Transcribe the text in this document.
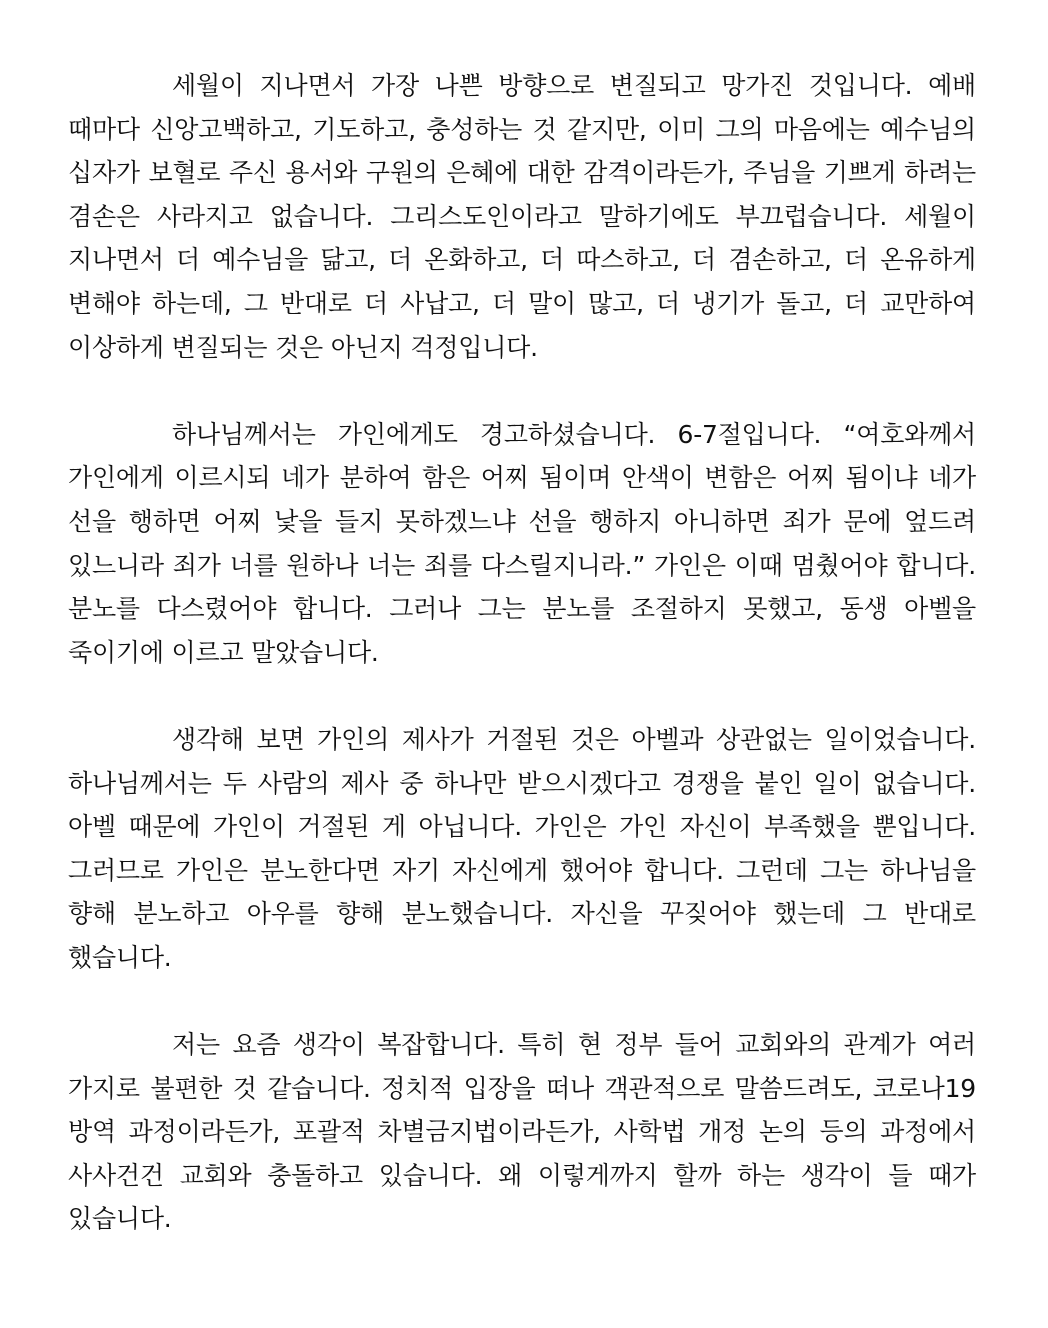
세월이 지나면서 가장 나쁜 방향으로 변질되고 망가진 것입니다. 예배 때마다 신앙고백하고, 기도하고, 충성하는 것 같지만, 이미 그의 마음에는 예수님의 십자가 보혈로 주신 용서와 구원의 은혜에 대한 감격이라든가, 주님을 기쁘게 하려는 겸손은 사라지고 없습니다. 그리스도인이라고 말하기에도 부끄럽습니다. 세월이 지나면서 더 예수님을 닮고, 더 온화하고, 더 따스하고, 더 겸손하고, 더 온유하게 변해야 하는데, 그 반대로 더 사납고, 더 말이 많고, 더 냉기가 돌고, 더 교만하여 이상하게 변질되는 것은 아닌지 걱정입니다.

하나님께서는 가인에게도 경고하셨습니다. 6-7절입니다. “여호와께서 가인에게 이르시되 네가 분하여 함은 어찌 됨이며 안색이 변함은 어찌 됨이냐 네가 선을 행하면 어찌 낯을 들지 못하겠느냐 선을 행하지 아니하면 죄가 문에 엎드려 있느니라 죄가 너를 원하나 너는 죄를 다스릴지니라.” 가인은 이때 멈췄어야 합니다. 분노를 다스렸어야 합니다. 그러나 그는 분노를 조절하지 못했고, 동생 아벨을 죽이기에 이르고 말았습니다.

생각해 보면 가인의 제사가 거절된 것은 아벨과 상관없는 일이었습니다. 하나님께서는 두 사람의 제사 중 하나만 받으시겠다고 경쟁을 붙인 일이 없습니다. 아벨 때문에 가인이 거절된 게 아닙니다. 가인은 가인 자신이 부족했을 뿐입니다. 그러므로 가인은 분노한다면 자기 자신에게 했어야 합니다. 그런데 그는 하나님을 향해 분노하고 아우를 향해 분노했습니다. 자신을 꾸짖어야 했는데 그 반대로 했습니다.

저는 요즘 생각이 복잡합니다. 특히 현 정부 들어 교회와의 관계가 여러 가지로 불편한 것 같습니다. 정치적 입장을 떠나 객관적으로 말씀드려도, 코로나19 방역 과정이라든가, 포괄적 차별금지법이라든가, 사학법 개정 논의 등의 과정에서 사사건건 교회와 충돌하고 있습니다. 왜 이렇게까지 할까 하는 생각이 들 때가 있습니다.
